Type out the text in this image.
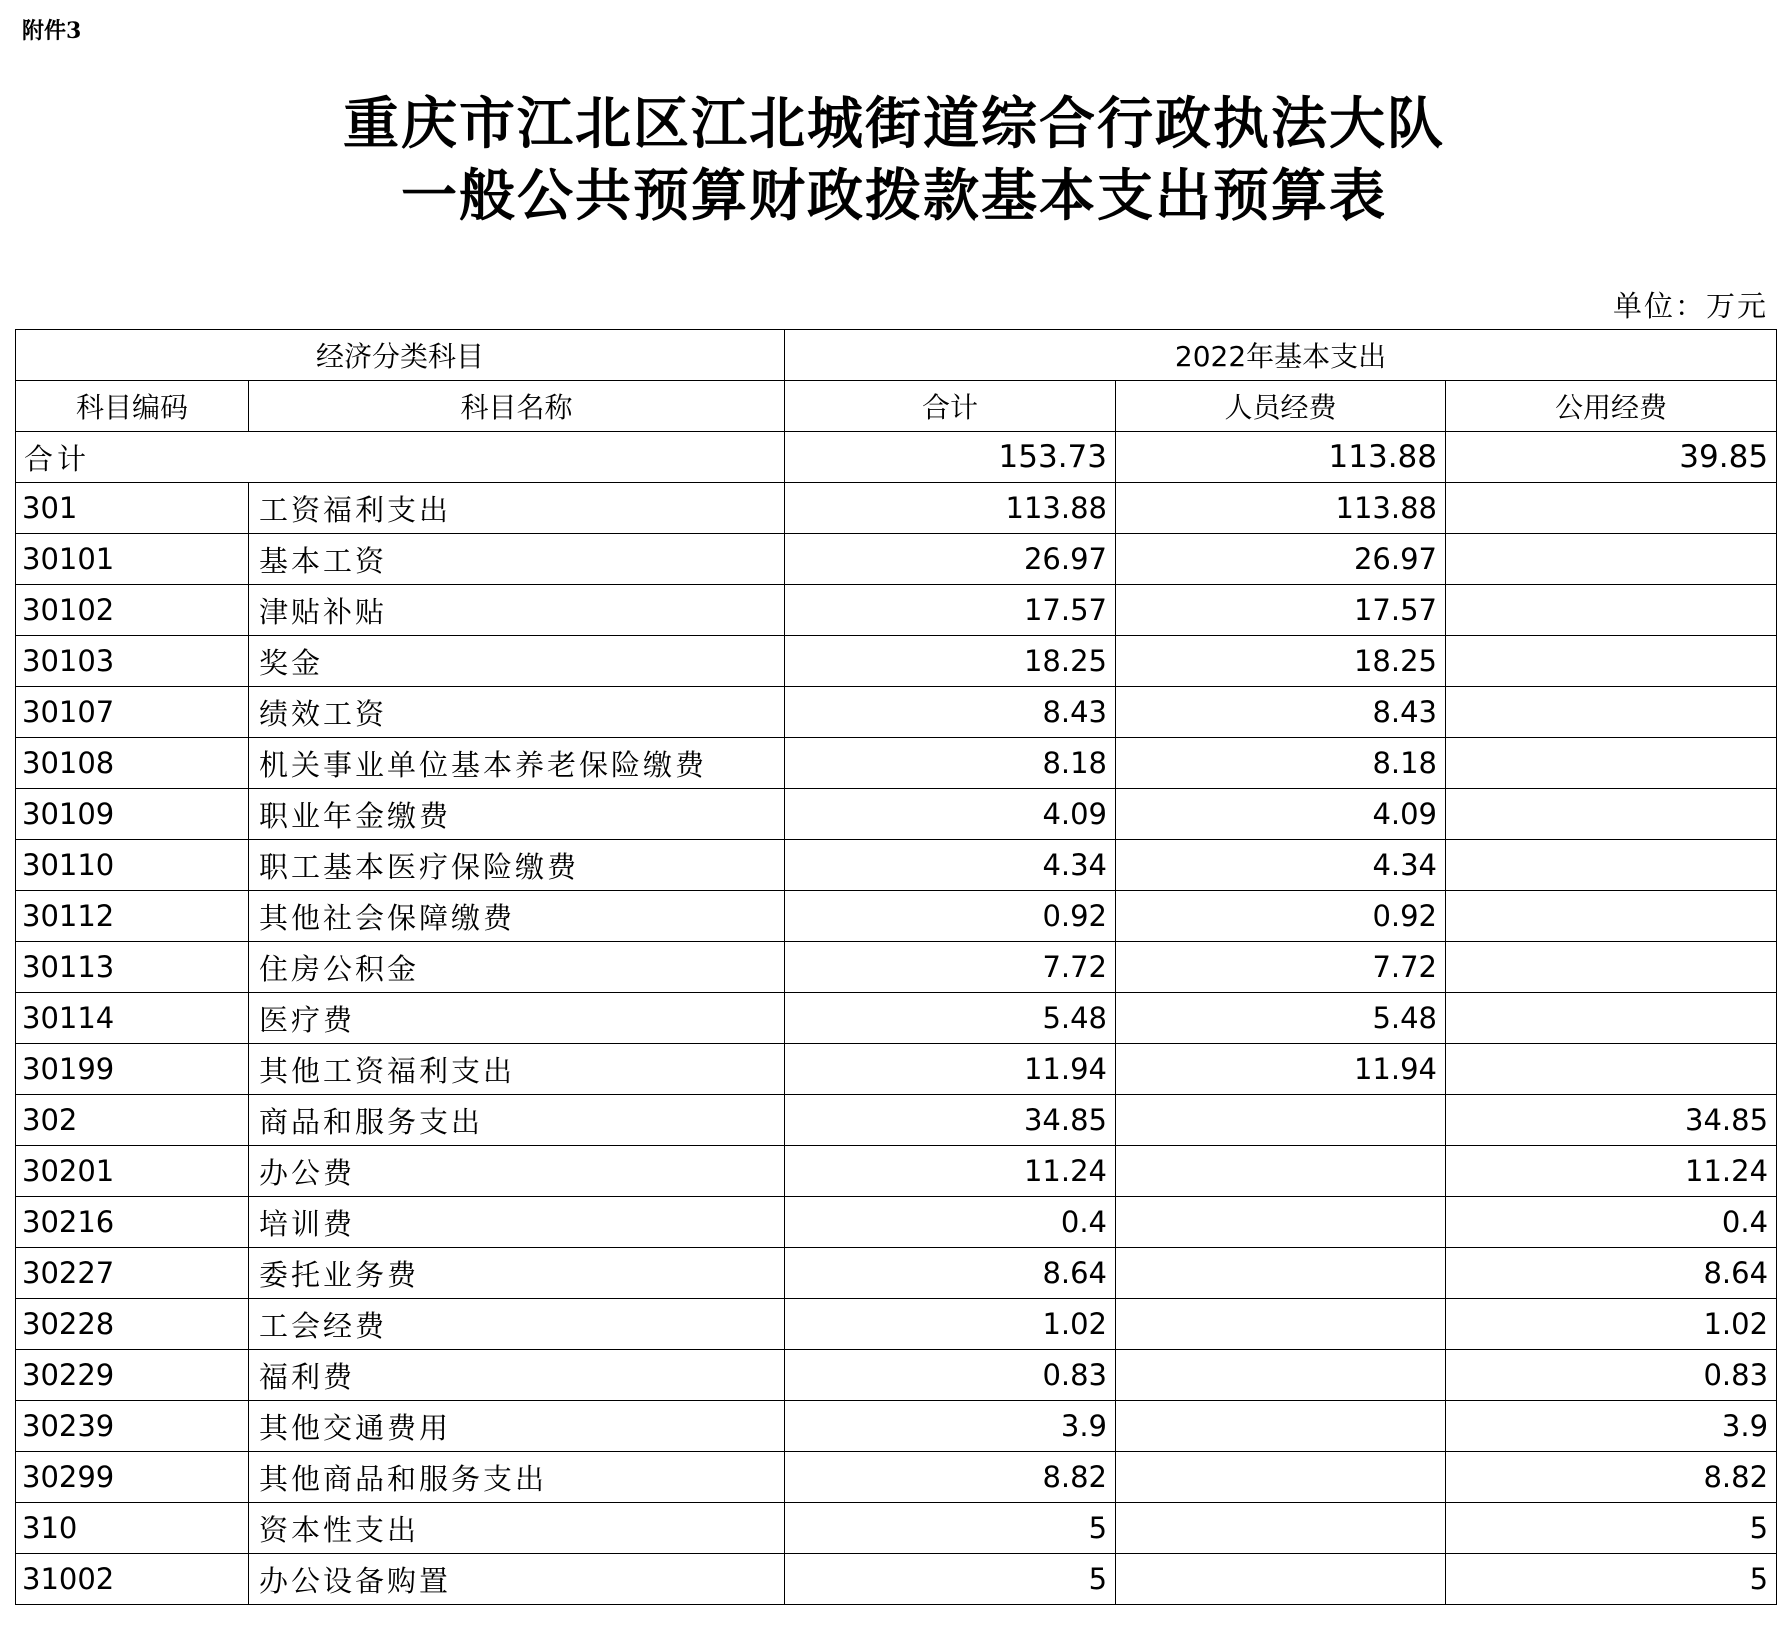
附件3
重庆市江北区江北城街道综合行政执法大队
一般公共预算财政拨款基本支出预算表
单位：万元
经济分类科目		2022年基本支出		
科目编码	科目名称	合计	人员经费	公用经费
合计		153.73	113.88	39.85
301	工资福利支出	113.88	113.88	
30101	基本工资	26.97	26.97	
30102	津贴补贴	17.57	17.57	
30103	奖金	18.25	18.25	
30107	绩效工资	8.43	8.43	
30108	机关事业单位基本养老保险缴费	8.18	8.18	
30109	职业年金缴费	4.09	4.09	
30110	职工基本医疗保险缴费	4.34	4.34	
30112	其他社会保障缴费	0.92	0.92	
30113	住房公积金	7.72	7.72	
30114	医疗费	5.48	5.48	
30199	其他工资福利支出	11.94	11.94	
302	商品和服务支出	34.85		34.85
30201	办公费	11.24		11.24
30216	培训费	0.4		0.4
30227	委托业务费	8.64		8.64
30228	工会经费	1.02		1.02
30229	福利费	0.83		0.83
30239	其他交通费用	3.9		3.9
30299	其他商品和服务支出	8.82		8.82
310	资本性支出	5		5
31002	办公设备购置	5		5
